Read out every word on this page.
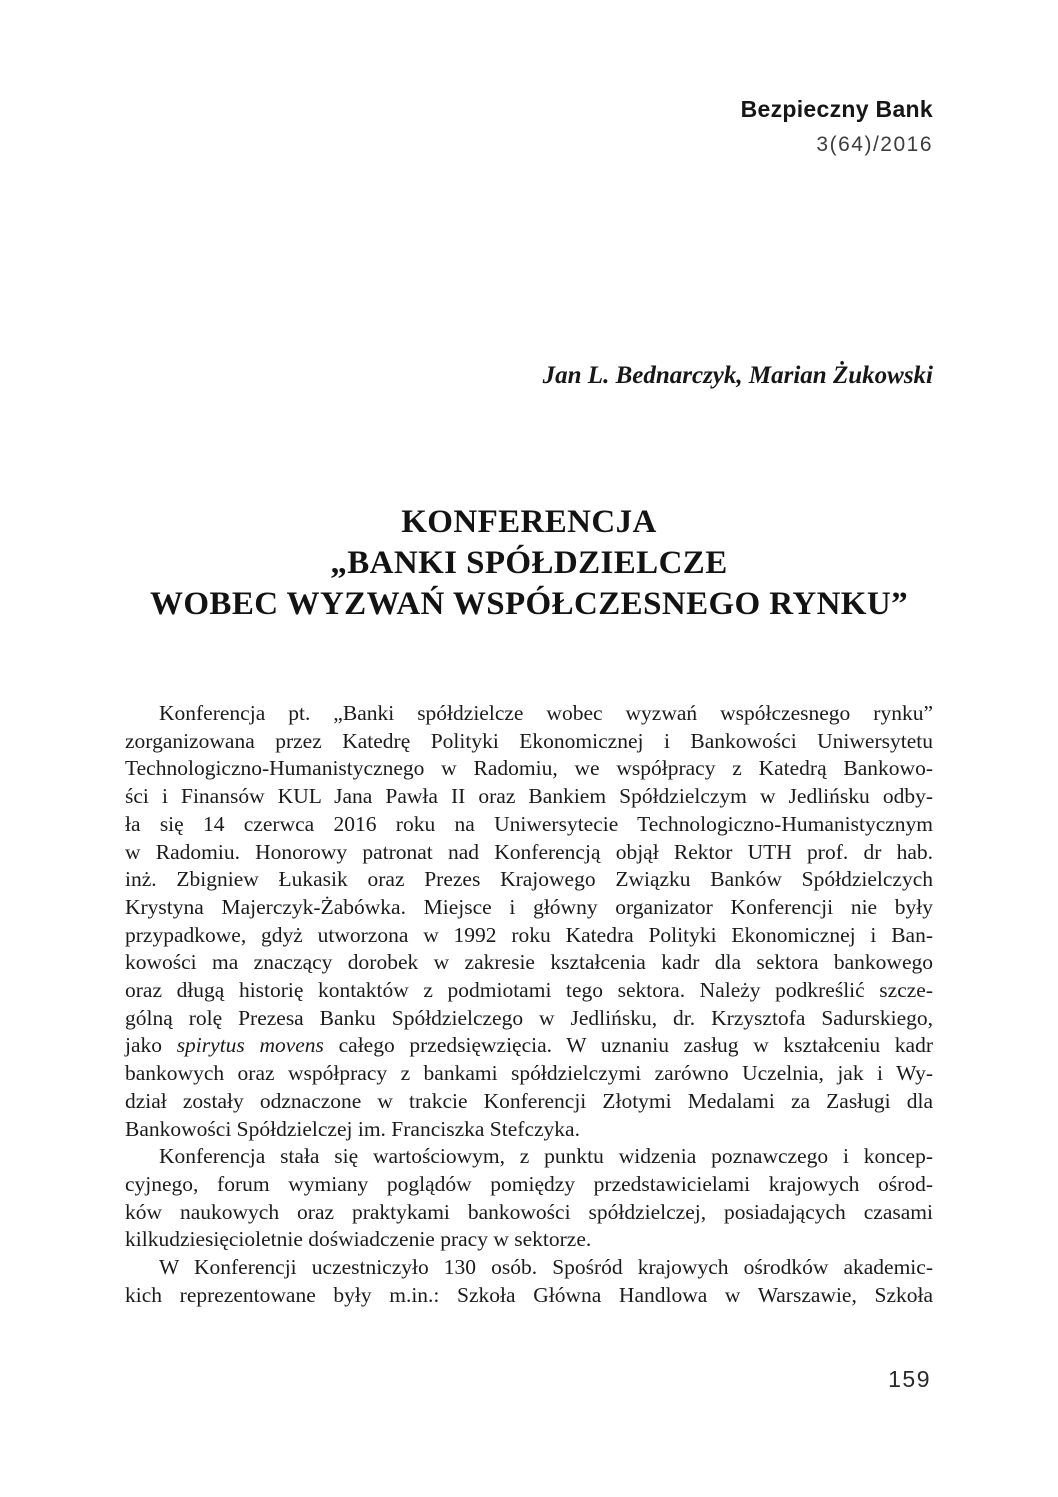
Bezpieczny Bank
3(64)/2016
Jan L. Bednarczyk, Marian Żukowski
KONFERENCJA
„BANKI SPÓŁDZIELCZE
WOBEC WYZWAŃ WSPÓŁCZESNEGO RYNKU”
Konferencja pt. „Banki spółdzielcze wobec wyzwań współczesnego rynku”
zorganizowana przez Katedrę Polityki Ekonomicznej i Bankowości Uniwersytetu
Technologiczno-Humanistycznego w Radomiu, we współpracy z Katedrą Bankowo-
ści i Finansów KUL Jana Pawła II oraz Bankiem Spółdzielczym w Jedlińsku odby-
ła się 14 czerwca 2016 roku na Uniwersytecie Technologiczno-Humanistycznym
w Radomiu. Honorowy patronat nad Konferencją objął Rektor UTH prof. dr hab.
inż. Zbigniew Łukasik oraz Prezes Krajowego Związku Banków Spółdzielczych
Krystyna Majerczyk-Żabówka. Miejsce i główny organizator Konferencji nie były
przypadkowe, gdyż utworzona w 1992 roku Katedra Polityki Ekonomicznej i Ban-
kowości ma znaczący dorobek w zakresie kształcenia kadr dla sektora bankowego
oraz długą historię kontaktów z podmiotami tego sektora. Należy podkreślić szcze-
gólną rolę Prezesa Banku Spółdzielczego w Jedlińsku, dr. Krzysztofa Sadurskiego,
jako spirytus movens całego przedsięwzięcia. W uznaniu zasług w kształceniu kadr
bankowych oraz współpracy z bankami spółdzielczymi zarówno Uczelnia, jak i Wy-
dział zostały odznaczone w trakcie Konferencji Złotymi Medalami za Zasługi dla
Bankowości Spółdzielczej im. Franciszka Stefczyka.
Konferencja stała się wartościowym, z punktu widzenia poznawczego i koncep-
cyjnego, forum wymiany poglądów pomiędzy przedstawicielami krajowych ośrod-
ków naukowych oraz praktykami bankowości spółdzielczej, posiadających czasami
kilkudziesięcioletnie doświadczenie pracy w sektorze.
W Konferencji uczestniczyło 130 osób. Spośród krajowych ośrodków akademic-
kich reprezentowane były m.in.: Szkoła Główna Handlowa w Warszawie, Szkoła
159
